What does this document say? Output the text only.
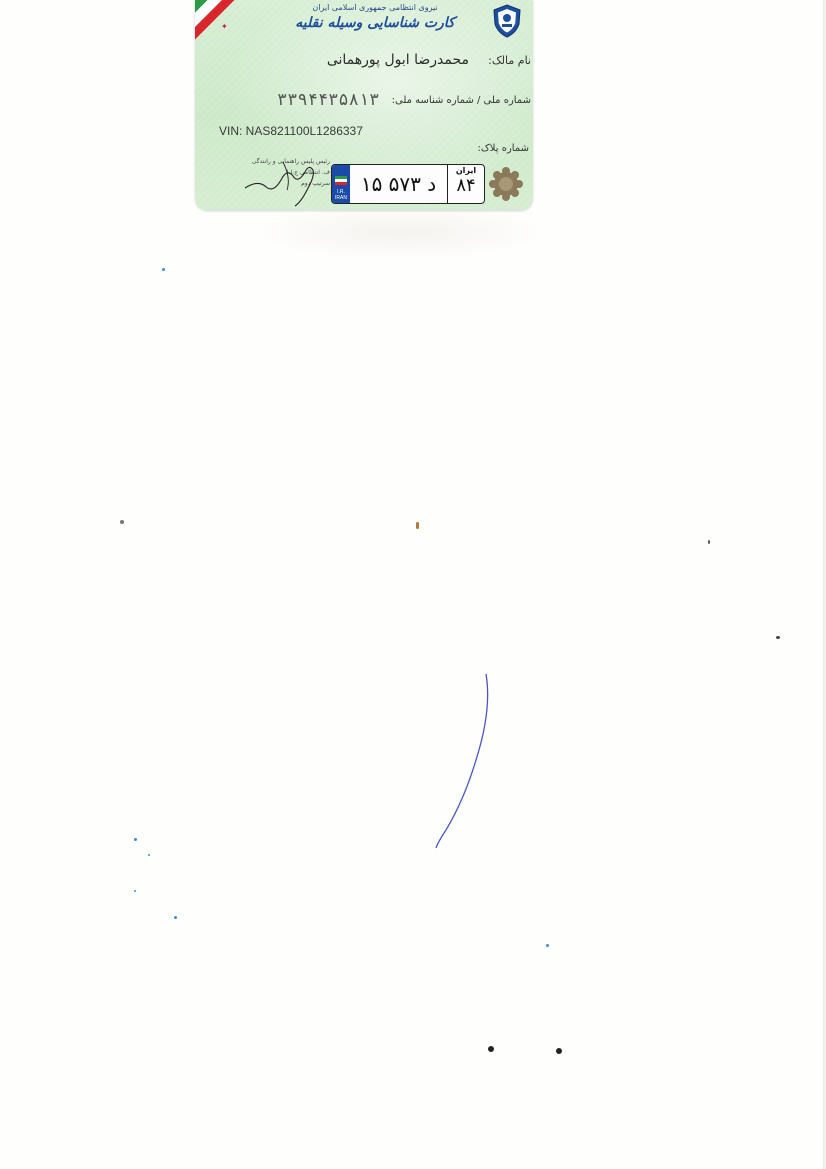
✦
نیروی انتظامی جمهوری اسلامی ایران
کارت شناسایی وسیله نقلیه
نام مالک:
محمدرضا ابول پورهمانی
شماره ملی / شماره شناسه ملی:
۳۳۹۴۴۳۵۸۱۳
VIN: NAS821100L1286337
شماره پلاک:
رئیس پلیس راهنمایی و رانندگی
ف. انتظامی ج.ا.ا
سرتیپ دوم
I.R. IRAN
۱۵ د ۵۷۳
ایران
۸۴
